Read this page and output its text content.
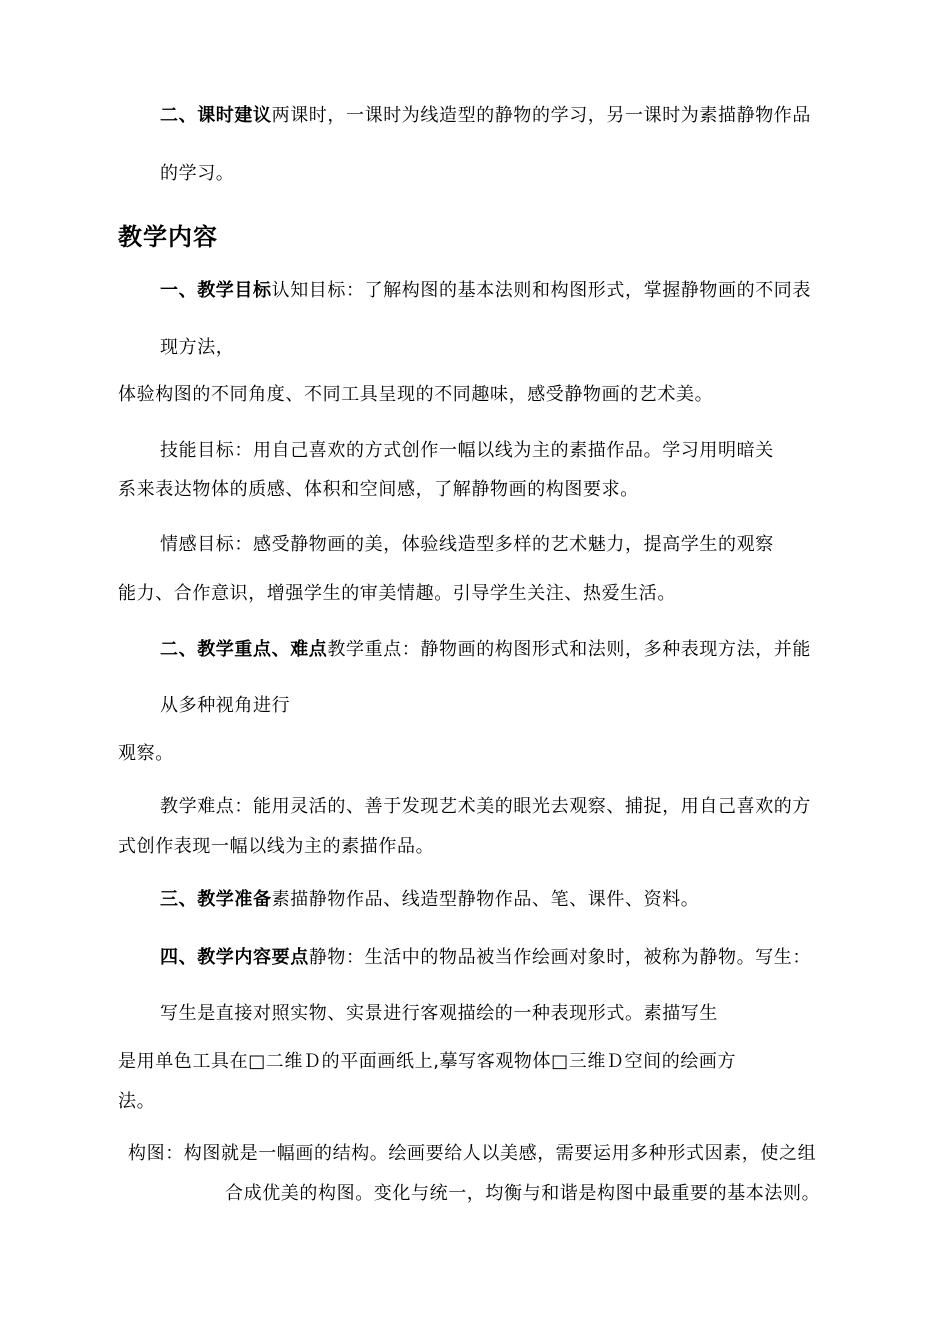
二、课时建议两课时，一课时为线造型的静物的学习，另一课时为素描静物作品
的学习。
教学内容
一、教学目标认知目标：了解构图的基本法则和构图形式，掌握静物画的不同表
现方法，
体验构图的不同角度、不同工具呈现的不同趣味，感受静物画的艺术美。
技能目标：用自己喜欢的方式创作一幅以线为主的素描作品。学习用明暗关
系来表达物体的质感、体积和空间感，了解静物画的构图要求。
情感目标：感受静物画的美，体验线造型多样的艺术魅力，提高学生的观察
能力、合作意识，增强学生的审美情趣。引导学生关注、热爱生活。
二、教学重点、难点教学重点：静物画的构图形式和法则，多种表现方法，并能
从多种视角进行
观察。
教学难点：能用灵活的、善于发现艺术美的眼光去观察、捕捉，用自己喜欢的方
式创作表现一幅以线为主的素描作品。
三、教学准备素描静物作品、线造型静物作品、笔、课件、资料。
四、教学内容要点静物：生活中的物品被当作绘画对象时，被称为静物。写生：
写生是直接对照实物、实景进行客观描绘的一种表现形式。素描写生
是用单色工具在□二维Ｄ的平面画纸上,摹写客观物体□三维Ｄ空间的绘画方
法。
构图：构图就是一幅画的结构。绘画要给人以美感，需要运用多种形式因素，使之组
合成优美的构图。变化与统一，均衡与和谐是构图中最重要的基本法则。
